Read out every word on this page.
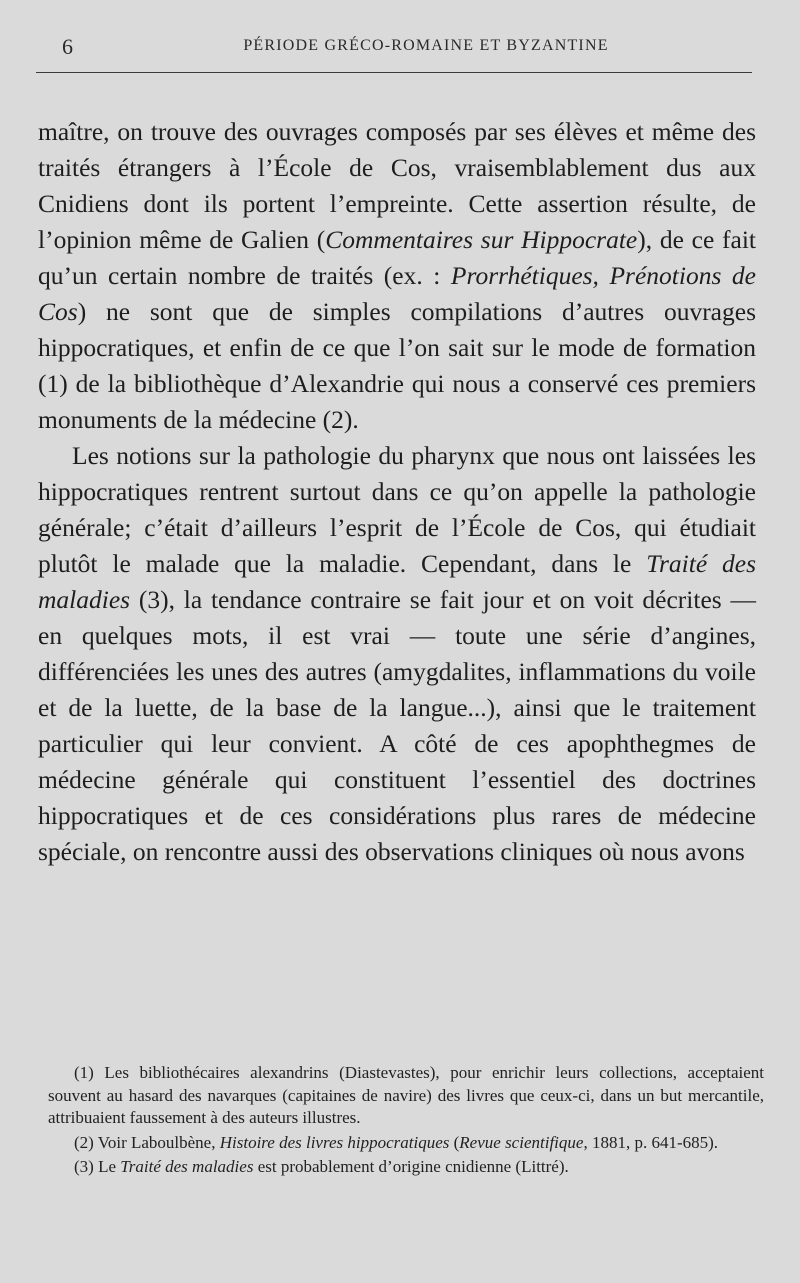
6	PÉRIODE GRÉCO-ROMAINE ET BYZANTINE

maître, on trouve des ouvrages composés par ses élèves et même des traités étrangers à l’École de Cos, vraisemblablement dus aux Cnidiens dont ils portent l’empreinte. Cette assertion résulte, de l’opinion même de Galien (Commentaires sur Hippocrate), de ce fait qu’un certain nombre de traités (ex. : Prorrhétiques, Prénotions de Cos) ne sont que de simples compilations d’autres ouvrages hippocratiques, et enfin de ce que l’on sait sur le mode de formation (1) de la bibliothèque d’Alexandrie qui nous a conservé ces premiers monuments de la médecine (2).

Les notions sur la pathologie du pharynx que nous ont laissées les hippocratiques rentrent surtout dans ce qu’on appelle la pathologie générale; c’était d’ailleurs l’esprit de l’École de Cos, qui étudiait plutôt le malade que la maladie. Cependant, dans le Traité des maladies (3), la tendance contraire se fait jour et on voit décrites — en quelques mots, il est vrai — toute une série d’angines, différenciées les unes des autres (amygdalites, inflammations du voile et de la luette, de la base de la langue...), ainsi que le traitement particulier qui leur convient. A côté de ces apophthegmes de médecine générale qui constituent l’essentiel des doctrines hippocratiques et de ces considérations plus rares de médecine spéciale, on rencontre aussi des observations cliniques où nous avons

(1) Les bibliothécaires alexandrins (Diastevastes), pour enrichir leurs collections, acceptaient souvent au hasard des navarques (capitaines de navire) des livres que ceux-ci, dans un but mercantile, attribuaient faussement à des auteurs illustres.

(2) Voir Laboulbène, Histoire des livres hippocratiques (Revue scientifique, 1881, p. 641-685).

(3) Le Traité des maladies est probablement d’origine cnidienne (Littré).
